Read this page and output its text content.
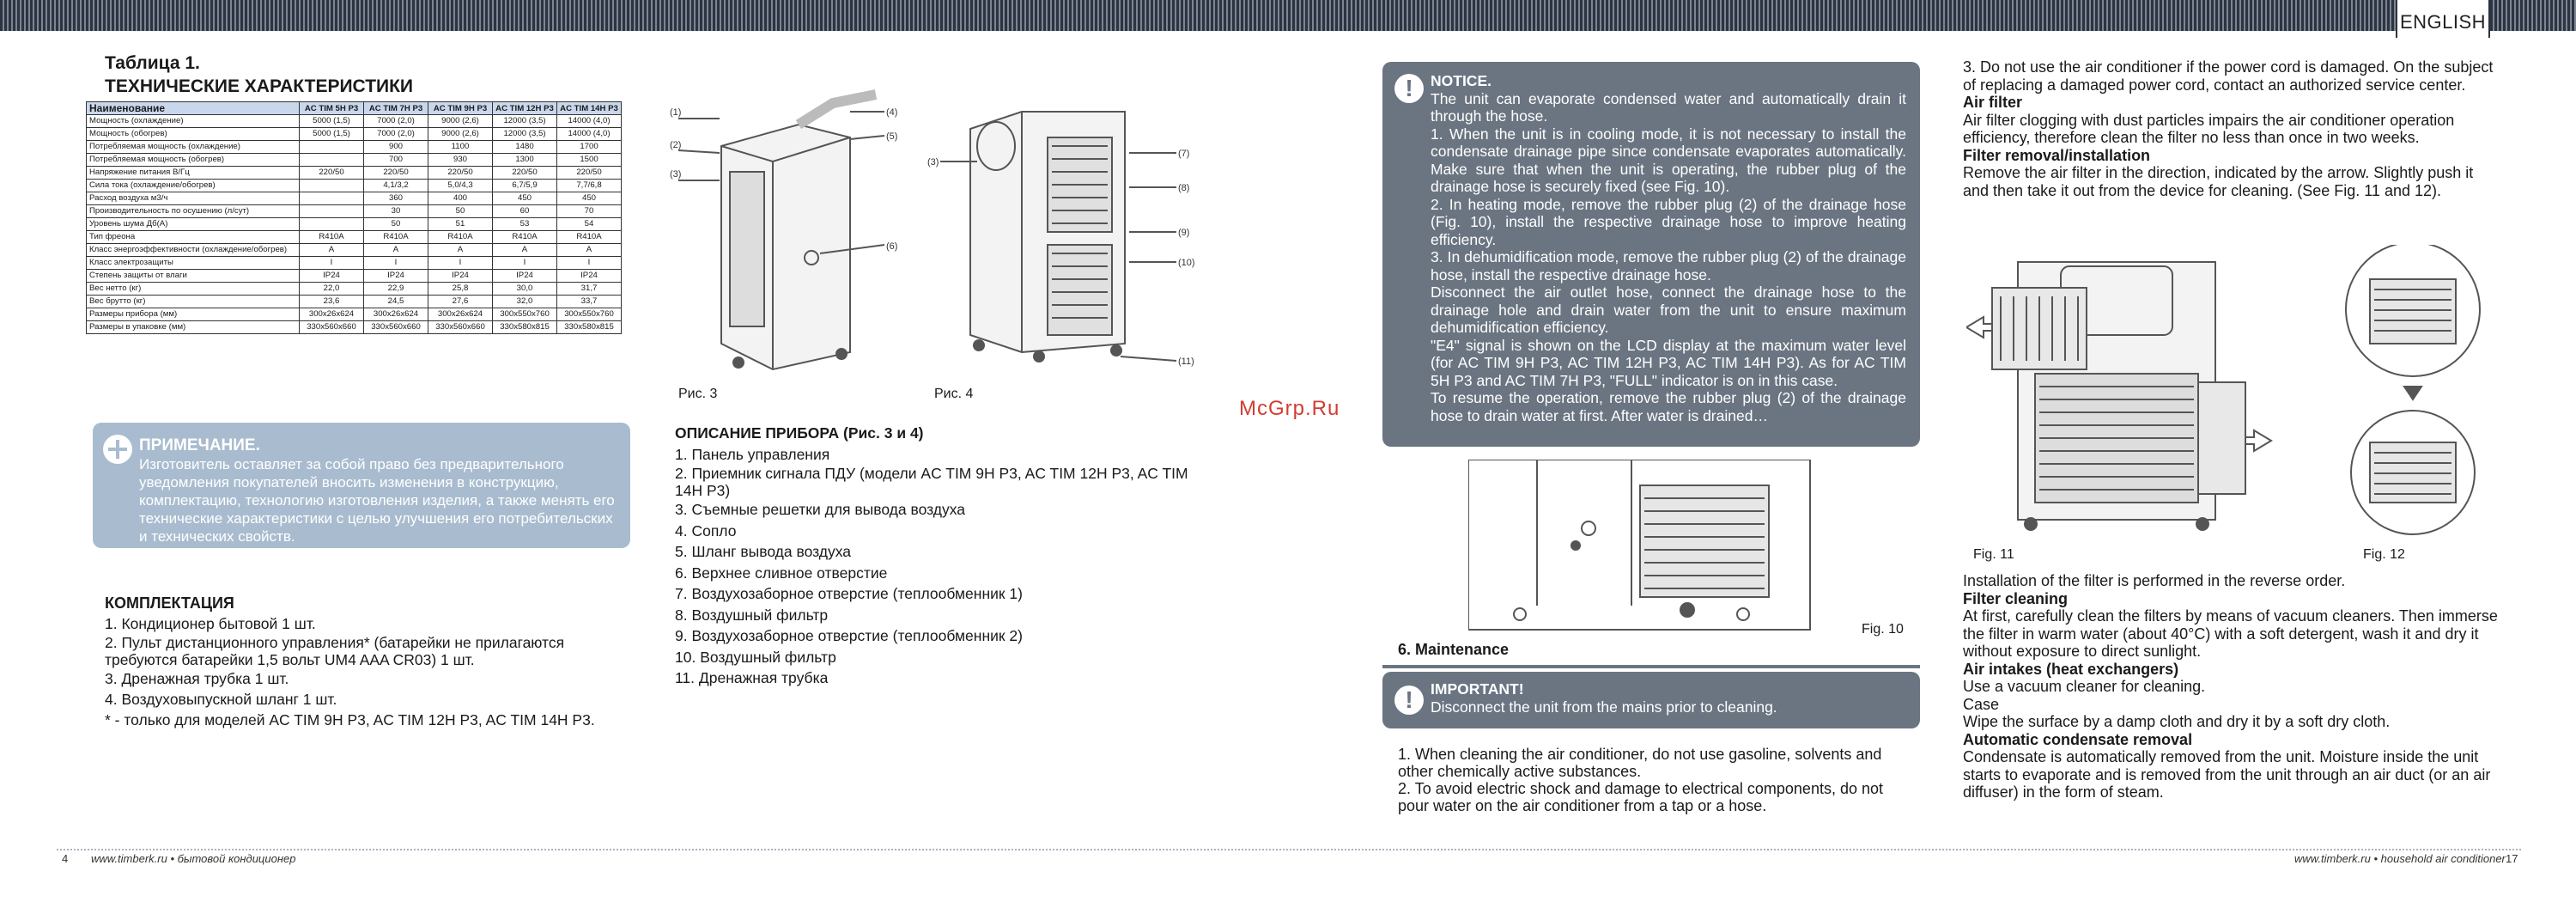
ENGLISH
Таблица 1.
ТЕХНИЧЕСКИЕ ХАРАКТЕРИСТИКИ
Наименование	AC TIM 5H P3	AC TIM 7H P3	AC TIM 9H P3	AC TIM 12H P3	AC TIM 14H P3
Мощность (охлаждение)	5000 (1,5)	7000 (2,0)	9000 (2,6)	12000 (3,5)	14000 (4,0)
Мощность (обогрев)	5000 (1,5)	7000 (2,0)	9000 (2,6)	12000 (3,5)	14000 (4,0)
Потребляемая мощность (охлаждение)		900	1100	1480	1700
Потребляемая мощность (обогрев)		700	930	1300	1500
Напряжение питания В/Гц	220/50	220/50	220/50	220/50	220/50
Сила тока (охлаждение/обогрев)		4,1/3,2	5,0/4,3	6,7/5,9	7,7/6,8
Расход воздуха м3/ч		360	400	450	450
Производительность по осушению (л/сут)		30	50	60	70
Уровень шума Дб(А)		50	51	53	54
Тип фреона	R410A	R410A	R410A	R410A	R410A
Класс энергоэффективности (охлаждение/обогрев)	A	A	A	A	A
Класс электрозащиты	I	I	I	I	I
Степень защиты от влаги	IP24	IP24	IP24	IP24	IP24
Вес нетто (кг)	22,0	22,9	25,8	30,0	31,7
Вес брутто (кг)	23,6	24,5	27,6	32,0	33,7
Размеры прибора (мм)	300x26x624	300x26x624	300x26x624	300x550x760	300x550x760
Размеры в упаковке (мм)	330x560x660	330x560x660	330x560x660	330x580x815	330x580x815
ПРИМЕЧАНИЕ.
Изготовитель оставляет за собой право без предварительного уведомления покупателей вносить изменения в конструкцию, комплектацию, технологию изготовления изделия, а также менять его технические характеристики с целью улучшения его потребительских и технических свойств.

КОМПЛЕКТАЦИЯ

1. Кондиционер бытовой 1 шт.

2. Пульт дистанционного управления* (батарейки не прилагаются требуются батарейки 1,5 вольт UM4 AAA CR03) 1 шт.

3. Дренажная трубка 1 шт.

4. Воздуховыпускной шланг 1 шт.

* - только для моделей AC TIM 9H P3, AC TIM 12H P3, AC TIM 14H P3.

(1)
(2)
(3)
(4)
(5)
(6)
Рис. 3
(3)
(7)
(8)
(9)
(10)
(11)
Рис. 4

ОПИСАНИЕ ПРИБОРА (Рис. 3 и 4)

1. Панель управления

2. Приемник сигнала ПДУ (модели AC TIM 9H P3, AC TIM 12H P3, AC TIM 14H P3)

3. Съемные решетки для вывода воздуха

4. Сопло

5. Шланг вывода воздуха

6. Верхнее сливное отверстие

7. Воздухозаборное отверстие (теплообменник 1)

8. Воздушный фильтр

9. Воздухозаборное отверстие (теплообменник 2)

10. Воздушный фильтр

11. Дренажная трубка

McGrp.Ru
!	NOTICE.
The unit can evaporate condensed water and automatically drain it through the hose.
1. When the unit is in cooling mode, it is not necessary to install the condensate drainage pipe since condensate evaporates automatically. Make sure that when the unit is operating, the rubber plug of the drainage hose is securely fixed (see Fig. 10).
2. In heating mode, remove the rubber plug (2) of the drainage hose (Fig. 10), install the respective drainage hose to improve heating efficiency.
3. In dehumidification mode, remove the rubber plug (2) of the drainage hose, install the respective drainage hose.
Disconnect the air outlet hose, connect the drainage hose to the drainage hole and drain water from the unit to ensure maximum dehumidification efficiency.
"E4" signal is shown on the LCD display at the maximum water level (for AC TIM 9H P3, AC TIM 12H P3, AC TIM 14H P3). As for AC TIM 5H P3 and AC TIM 7H P3, "FULL" indicator is on in this case.
To resume the operation, remove the rubber plug (2) of the drainage hose to drain water at first. After water is drained…
Fig. 10
6. Maintenance
!	IMPORTANT!
Disconnect the unit from the mains prior to cleaning.

1. When cleaning the air conditioner, do not use gasoline, solvents and other chemically active substances.

2. To avoid electric shock and damage to electrical components, do not pour water on the air conditioner from a tap or a hose.

3. Do not use the air conditioner if the power cord is damaged. On the subject of replacing a damaged power cord, contact an authorized service center.

Air filter

Air filter clogging with dust particles impairs the air conditioner operation efficiency, therefore clean the filter no less than once in two weeks.

Filter removal/installation

Remove the air filter in the direction, indicated by the arrow. Slightly push it and then take it out from the device for cleaning. (See Fig. 11 and 12).

Fig. 11	Fig. 12

Installation of the filter is performed in the reverse order.

Filter cleaning

At first, carefully clean the filters by means of vacuum cleaners. Then immerse the filter in warm water (about 40°C) with a soft detergent, wash it and dry it without exposure to direct sunlight.

Air intakes (heat exchangers)

Use a vacuum cleaner for cleaning.

Case

Wipe the surface by a damp cloth and dry it by a soft dry cloth.

Automatic condensate removal

Condensate is automatically removed from the unit. Moisture inside the unit starts to evaporate and is removed from the unit through an air duct (or an air diffuser) in the form of steam.

4 www.timberk.ru • бытовой кондиционер	www.timberk.ru • household air conditioner 17
